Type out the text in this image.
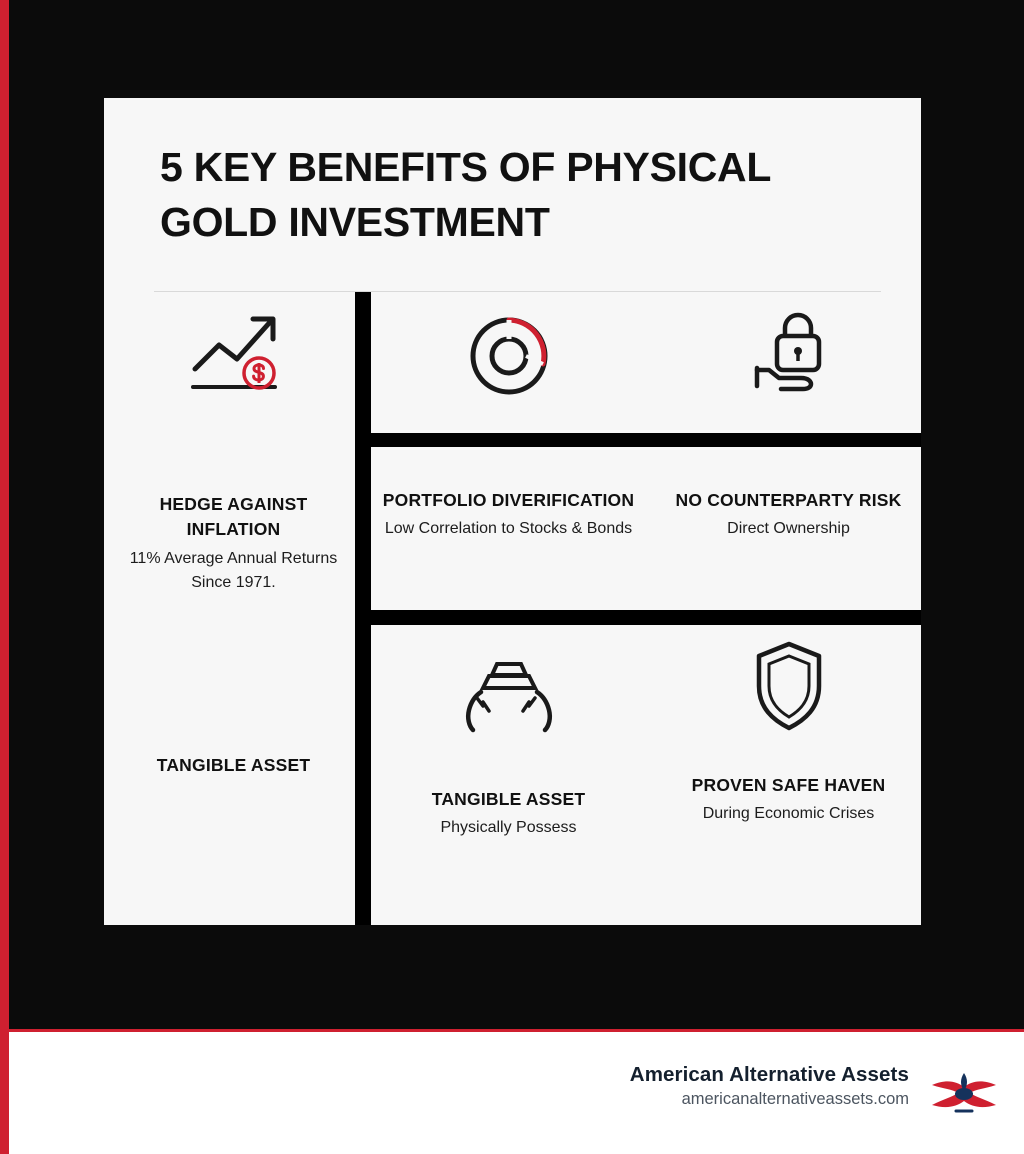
5 KEY BENEFITS OF PHYSICAL GOLD INVESTMENT
HEDGE AGAINST INFLATION
11% Average Annual Returns Since 1971.
TANGIBLE ASSET
PORTFOLIO DIVERIFICATION
Low Correlation to Stocks & Bonds
NO COUNTERPARTY RISK
Direct Ownership
TANGIBLE ASSET
Physically Possess
PROVEN SAFE HAVEN
During Economic Crises
American Alternative Assets
americanalternativeassets.com
